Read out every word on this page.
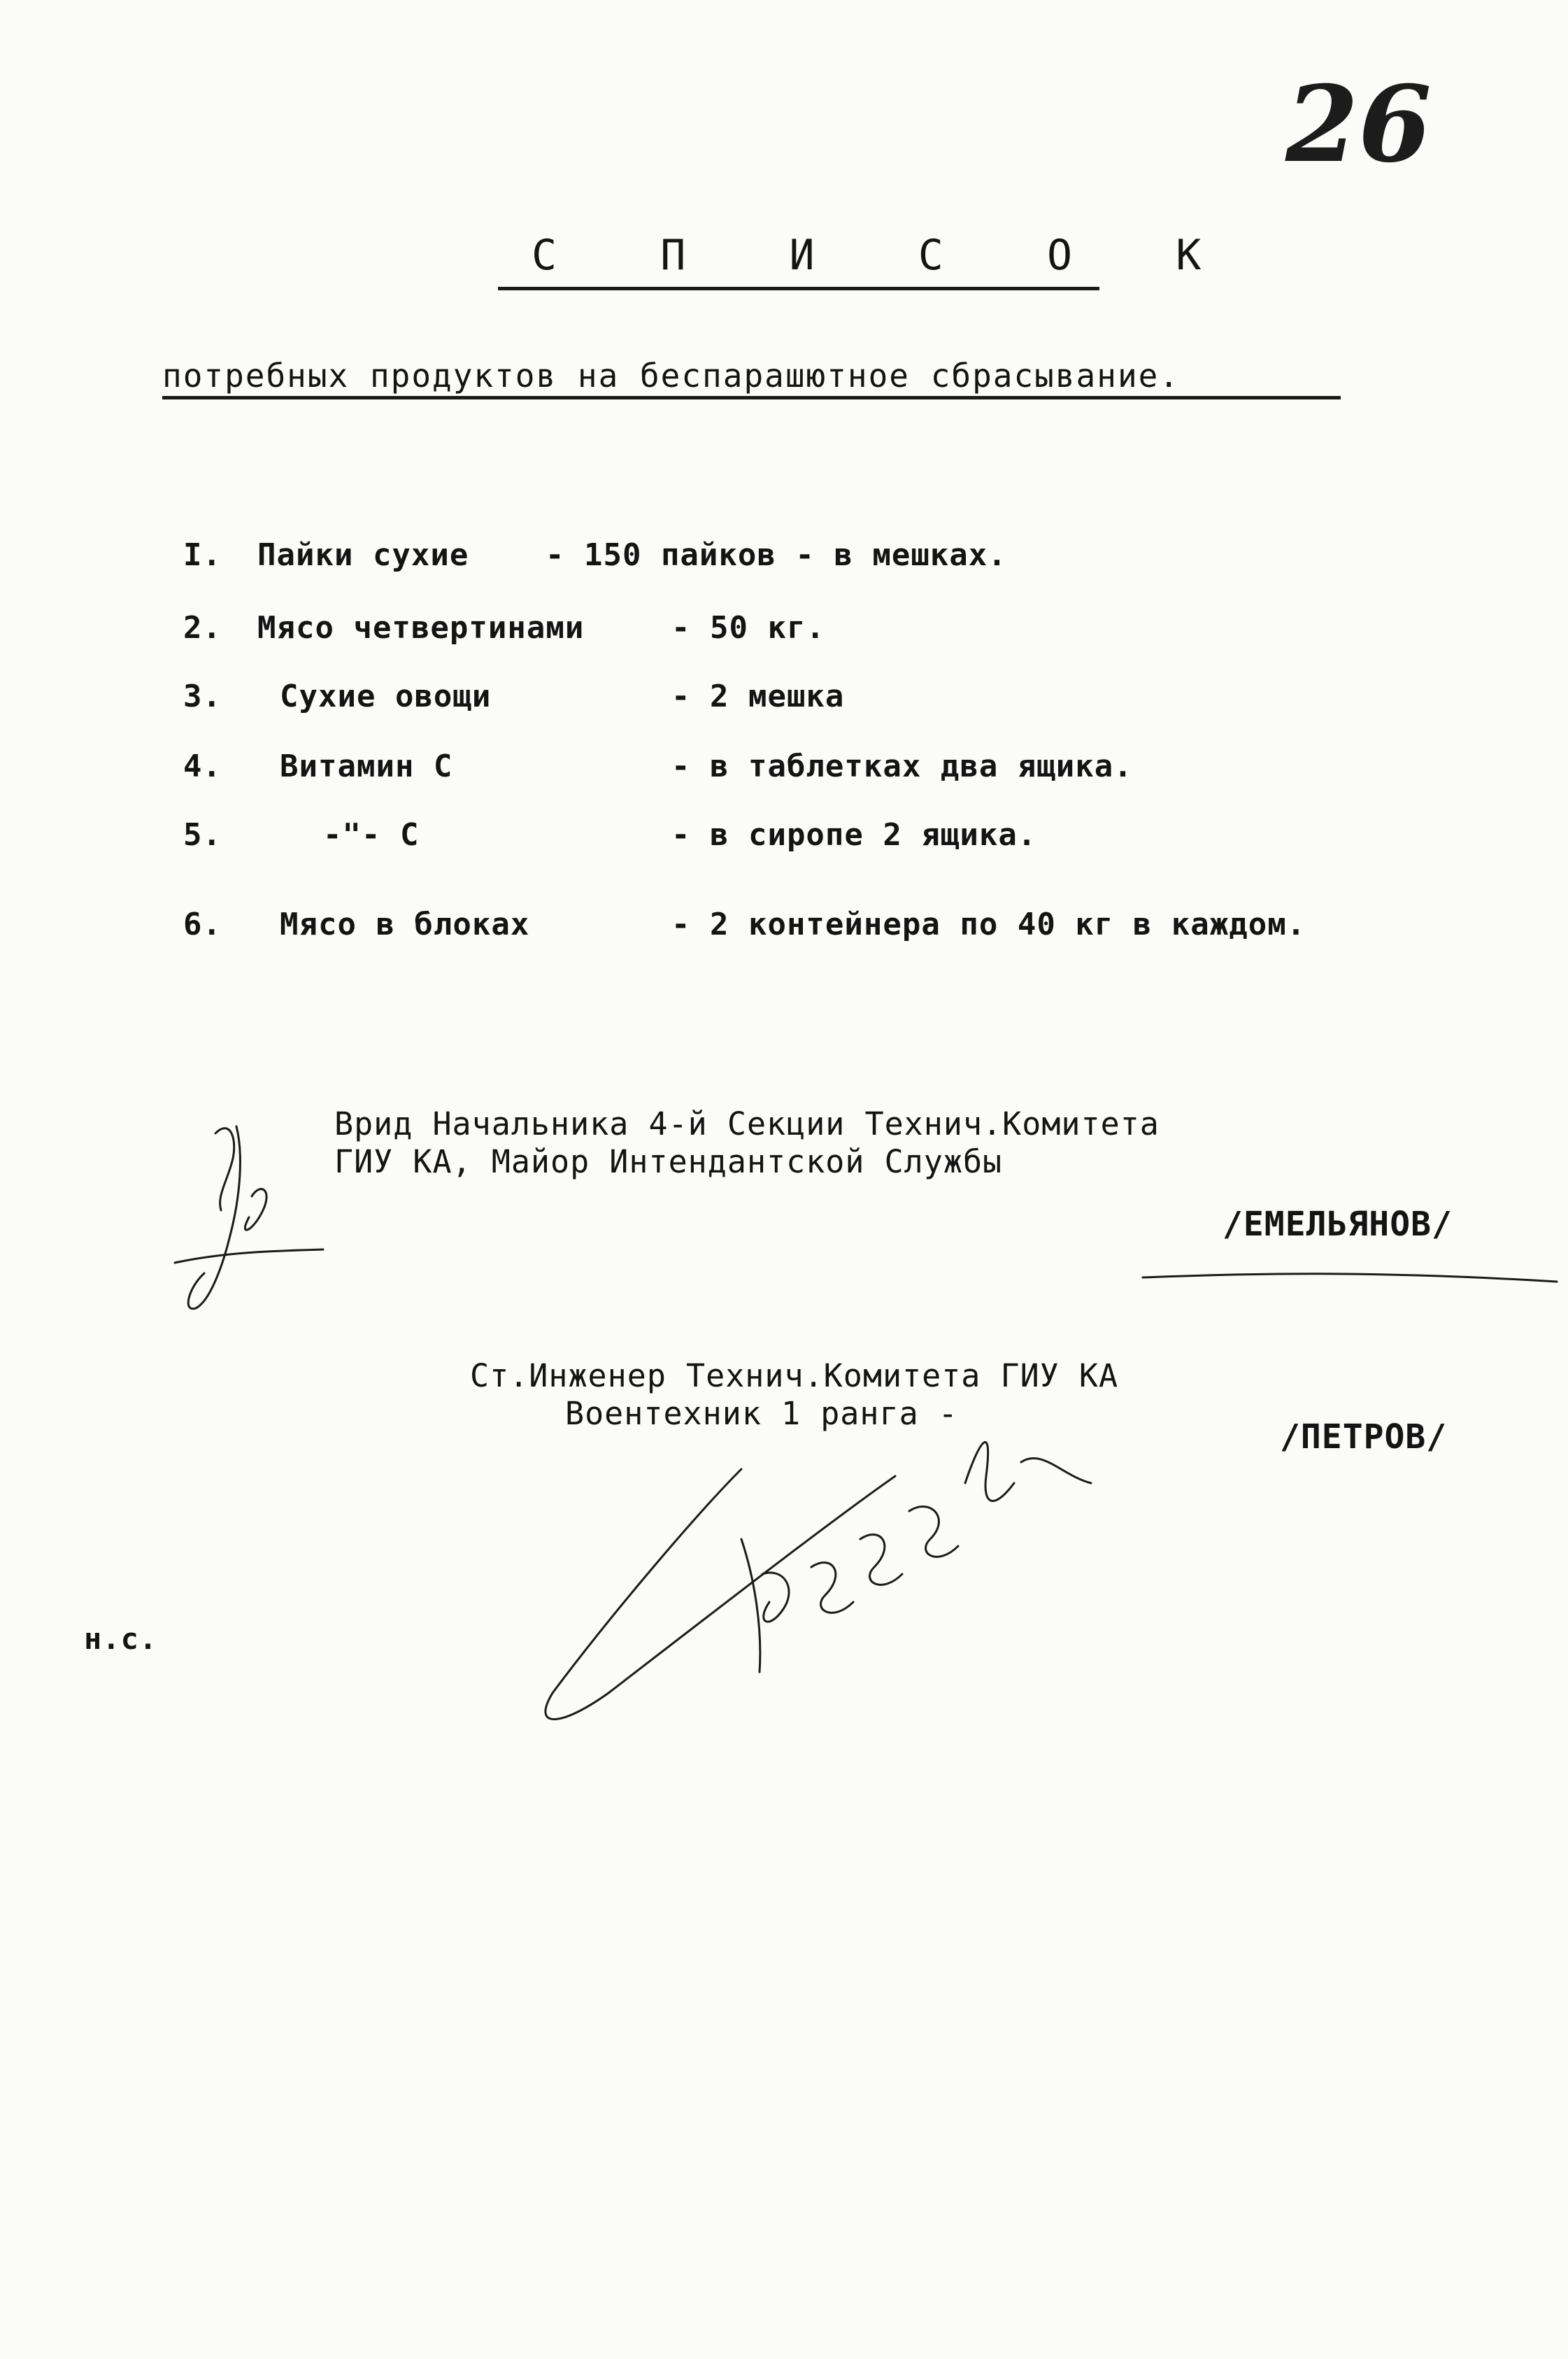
26
С П И С О К
потребных продуктов на беспарашютное сбрасывание.
I. Пайки сухие - 150 пайков - в мешках.
2. Мясо четвертинами	- 50 кг.
3. Сухие овощи	- 2 мешка
4. Витамин С	- в таблетках два ящика.
5.	-"- С	- в сиропе 2 ящика.
6. Мясо в блоках	- 2 контейнера по 40 кг в каждом.
Врид Начальника 4-й Секции Технич.Комитета
ГИУ КА, Майор Интендантской Службы
/ЕМЕЛЬЯНОВ/
Ст.Инженер Технич.Комитета ГИУ КА
Воентехник 1 ранга -
/ПЕТРОВ/
н.с.
